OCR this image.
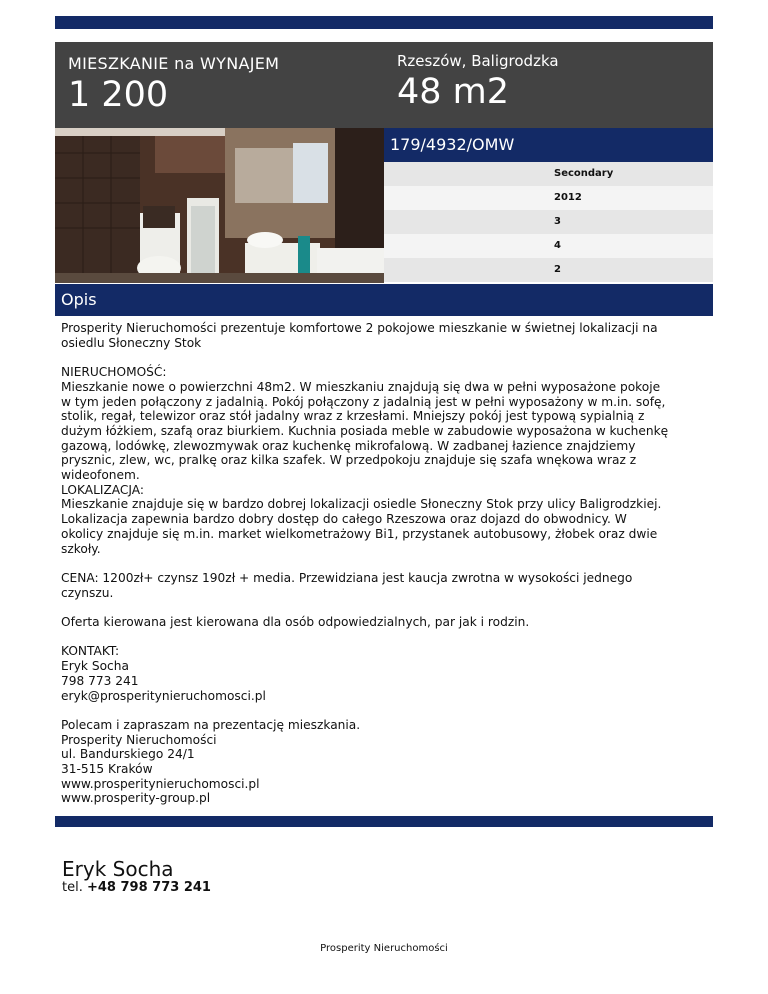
MIESZKANIE na WYNAJEM
1 200
Rzeszów, Baligrodzka
48 m2
179/4932/OMW
Secondary
2012
3
4
2
Opis

Prosperity Nieruchomości prezentuje komfortowe 2 pokojowe mieszkanie w świetnej lokalizacji na
osiedlu Słoneczny Stok

NIERUCHOMOŚĆ:
Mieszkanie nowe o powierzchni 48m2. W mieszkaniu znajdują się dwa w pełni wyposażone pokoje
w tym jeden połączony z jadalnią. Pokój połączony z jadalnią jest w pełni wyposażony w m.in. sofę,
stolik, regał, telewizor oraz stół jadalny wraz z krzesłami. Mniejszy pokój jest typową sypialnią z
dużym łóżkiem, szafą oraz biurkiem. Kuchnia posiada meble w zabudowie wyposażona w kuchenkę
gazową, lodówkę, zlewozmywak oraz kuchenkę mikrofalową. W zadbanej łazience znajdziemy
prysznic, zlew, wc, pralkę oraz kilka szafek. W przedpokoju znajduje się szafa wnękowa wraz z
wideofonem.
LOKALIZACJA:
Mieszkanie znajduje się w bardzo dobrej lokalizacji osiedle Słoneczny Stok przy ulicy Baligrodzkiej.
Lokalizacja zapewnia bardzo dobry dostęp do całego Rzeszowa oraz dojazd do obwodnicy. W
okolicy znajduje się m.in. market wielkometrażowy Bi1, przystanek autobusowy, żłobek oraz dwie
szkoły.

CENA: 1200zł+ czynsz 190zł + media. Przewidziana jest kaucja zwrotna w wysokości jednego
czynszu.

Oferta kierowana jest kierowana dla osób odpowiedzialnych, par jak i rodzin.

KONTAKT:
Eryk Socha
798 773 241
eryk@prosperitynieruchomosci.pl

Polecam i zapraszam na prezentację mieszkania.
Prosperity Nieruchomości
ul. Bandurskiego 24/1
31-515 Kraków
www.prosperitynieruchomosci.pl
www.prosperity-group.pl

Eryk Socha
tel. +48 798 773 241
Prosperity Nieruchomości
